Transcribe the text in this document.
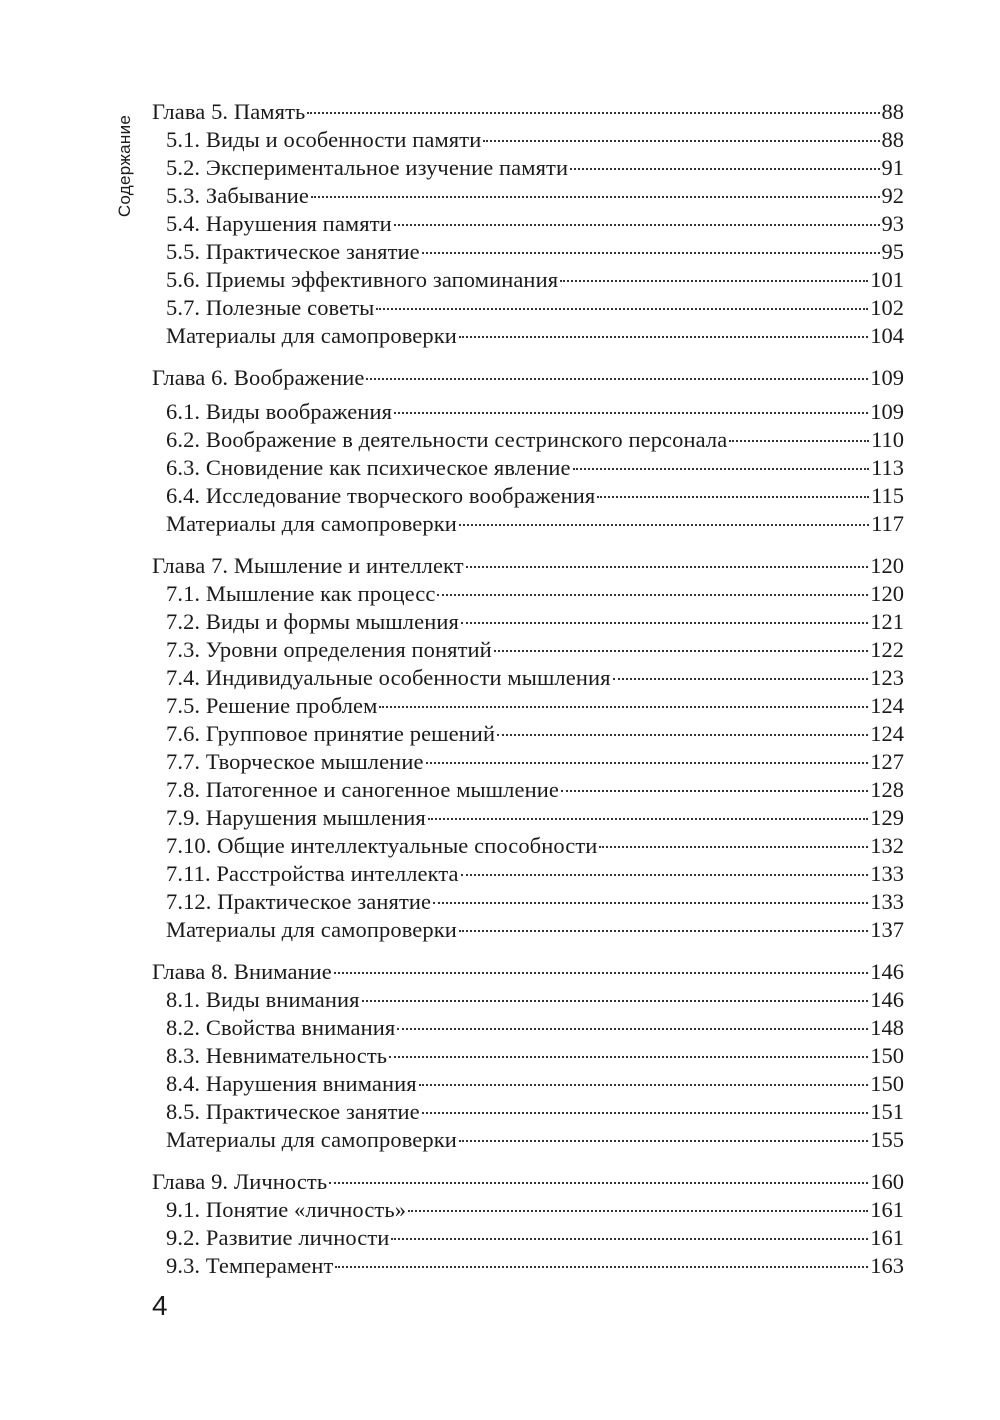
Содержание
Глава 5. Память	88
5.1. Виды и особенности памяти	88
5.2. Экспериментальное изучение памяти	91
5.3. Забывание	92
5.4. Нарушения памяти	93
5.5. Практическое занятие	95
5.6. Приемы эффективного запоминания	101
5.7. Полезные советы	102
Материалы для самопроверки	104
Глава 6. Воображение	109
6.1. Виды воображения	109
6.2. Воображение в деятельности сестринского персонала	110
6.3. Сновидение как психическое явление	113
6.4. Исследование творческого воображения	115
Материалы для самопроверки	117
Глава 7. Мышление и интеллект	120
7.1. Мышление как процесс	120
7.2. Виды и формы мышления	121
7.3. Уровни определения понятий	122
7.4. Индивидуальные особенности мышления	123
7.5. Решение проблем	124
7.6. Групповое принятие решений	124
7.7. Творческое мышление	127
7.8. Патогенное и саногенное мышление	128
7.9. Нарушения мышления	129
7.10. Общие интеллектуальные способности	132
7.11. Расстройства интеллекта	133
7.12. Практическое занятие	133
Материалы для самопроверки	137
Глава 8. Внимание	146
8.1. Виды внимания	146
8.2. Свойства внимания	148
8.3. Невнимательность	150
8.4. Нарушения внимания	150
8.5. Практическое занятие	151
Материалы для самопроверки	155
Глава 9. Личность	160
9.1. Понятие «личность»	161
9.2. Развитие личности	161
9.3. Темперамент	163
4
